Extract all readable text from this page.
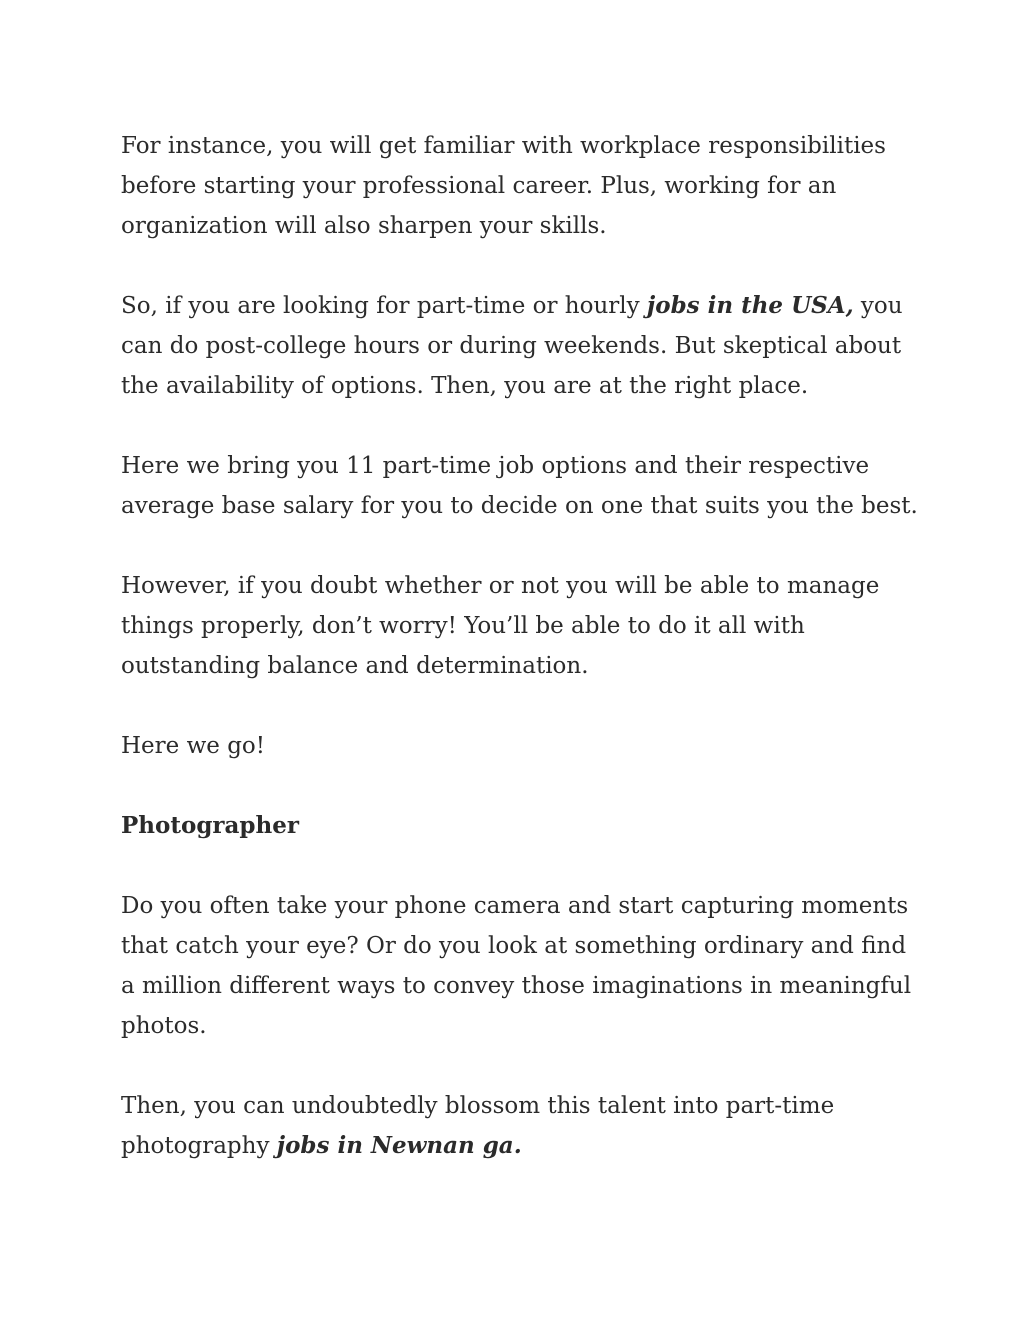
For instance, you will get familiar with workplace responsibilities before starting your professional career. Plus, working for an organization will also sharpen your skills.

So, if you are looking for part-time or hourly jobs in the USA, you can do post-college hours or during weekends. But skeptical about the availability of options. Then, you are at the right place.

Here we bring you 11 part-time job options and their respective average base salary for you to decide on one that suits you the best.

However, if you doubt whether or not you will be able to manage things properly, don’t worry! You’ll be able to do it all with outstanding balance and determination.

Here we go!

Photographer

Do you often take your phone camera and start capturing moments that catch your eye? Or do you look at something ordinary and find a million different ways to convey those imaginations in meaningful photos.

Then, you can undoubtedly blossom this talent into part-time photography jobs in Newnan ga.
